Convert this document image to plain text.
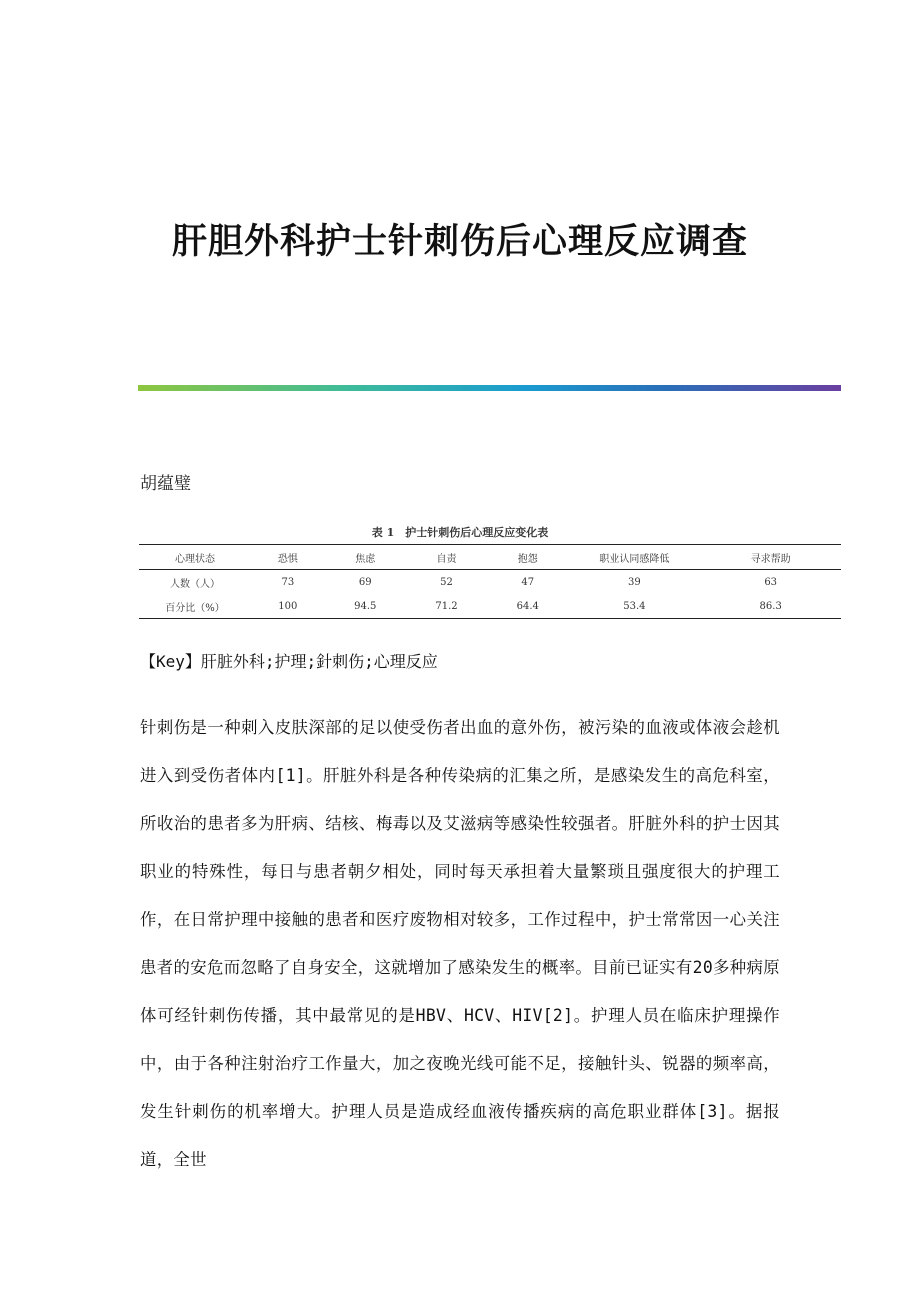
肝胆外科护士针刺伤后心理反应调查
胡蕴璧
表 1　护士针刺伤后心理反应变化表
心理状态	恐惧	焦虑	自责	抱怨	职业认同感降低	寻求帮助
人数（人）	73	69	52	47	39	63
百分比（%）	100	94.5	71.2	64.4	53.4	86.3
【Key】肝脏外科;护理;針刺伤;心理反应
针刺伤是一种刺入皮肤深部的足以使受伤者出血的意外伤，被污染的血液或体液会趁机进入到受伤者体内[1]。肝脏外科是各种传染病的汇集之所，是感染发生的高危科室，所收治的患者多为肝病、结核、梅毒以及艾滋病等感染性较强者。肝脏外科的护士因其职业的特殊性，每日与患者朝夕相处，同时每天承担着大量繁琐且强度很大的护理工作，在日常护理中接触的患者和医疗废物相对较多，工作过程中，护士常常因一心关注患者的安危而忽略了自身安全，这就增加了感染发生的概率。目前已证实有20多种病原体可经针刺伤传播，其中最常见的是HBV、HCV、HIV[2]。护理人员在临床护理操作中，由于各种注射治疗工作量大，加之夜晚光线可能不足，接触针头、锐器的频率高，发生针刺伤的机率增大。护理人员是造成经血液传播疾病的高危职业群体[3]。据报道，全世
